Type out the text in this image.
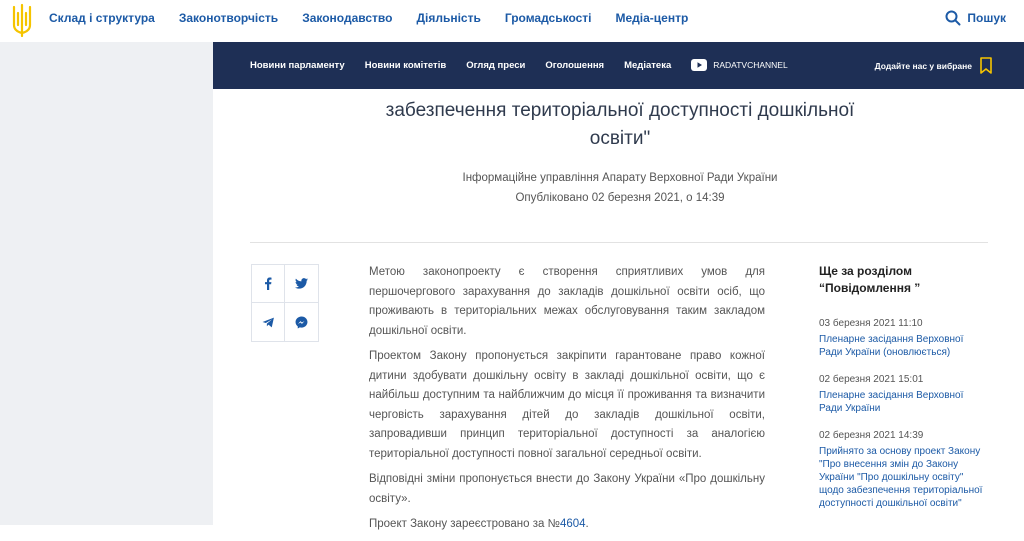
Склад і структура Законотворчість Законодавство Діяльність Громадськості Медіа-центр	Пошук
Новини парламенту Новини комітетів Огляд преси Оголошення Медіатека	RADATVCHANNEL	Додайте нас у вибране
забезпечення територіальної доступності дошкільної
освіти"
Інформаційне управління Апарату Верховної Ради України
Опубліковано 02 березня 2021, о 14:39

Метою законопроекту є створення сприятливих умов для першочергового зарахування до закладів дошкільної освіти осіб, що проживають в територіальних межах обслуговування таким закладом дошкільної освіти.

Проектом Закону пропонується закріпити гарантоване право кожної дитини здобувати дошкільну освіту в закладі дошкільної освіти, що є найбільш доступним та найближчим до місця її проживання та визначити черговість зарахування дітей до закладів дошкільної освіти, запровадивши принцип територіальної доступності за аналогією територіальної доступності повної загальної середньої освіти.

Відповідні зміни пропонується внести до Закону України «Про дошкільну освіту».

Проект Закону зареєстровано за №4604.

Ще за розділом
“Повідомлення ”
03 березня 2021 11:10
Пленарне засідання Верховної Ради України (оновлюється)
02 березня 2021 15:01
Пленарне засідання Верховної Ради України
02 березня 2021 14:39
Прийнято за основу проект Закону "Про внесення змін до Закону України "Про дошкільну освіту" щодо забезпечення територіальної доступності дошкільної освіти"
